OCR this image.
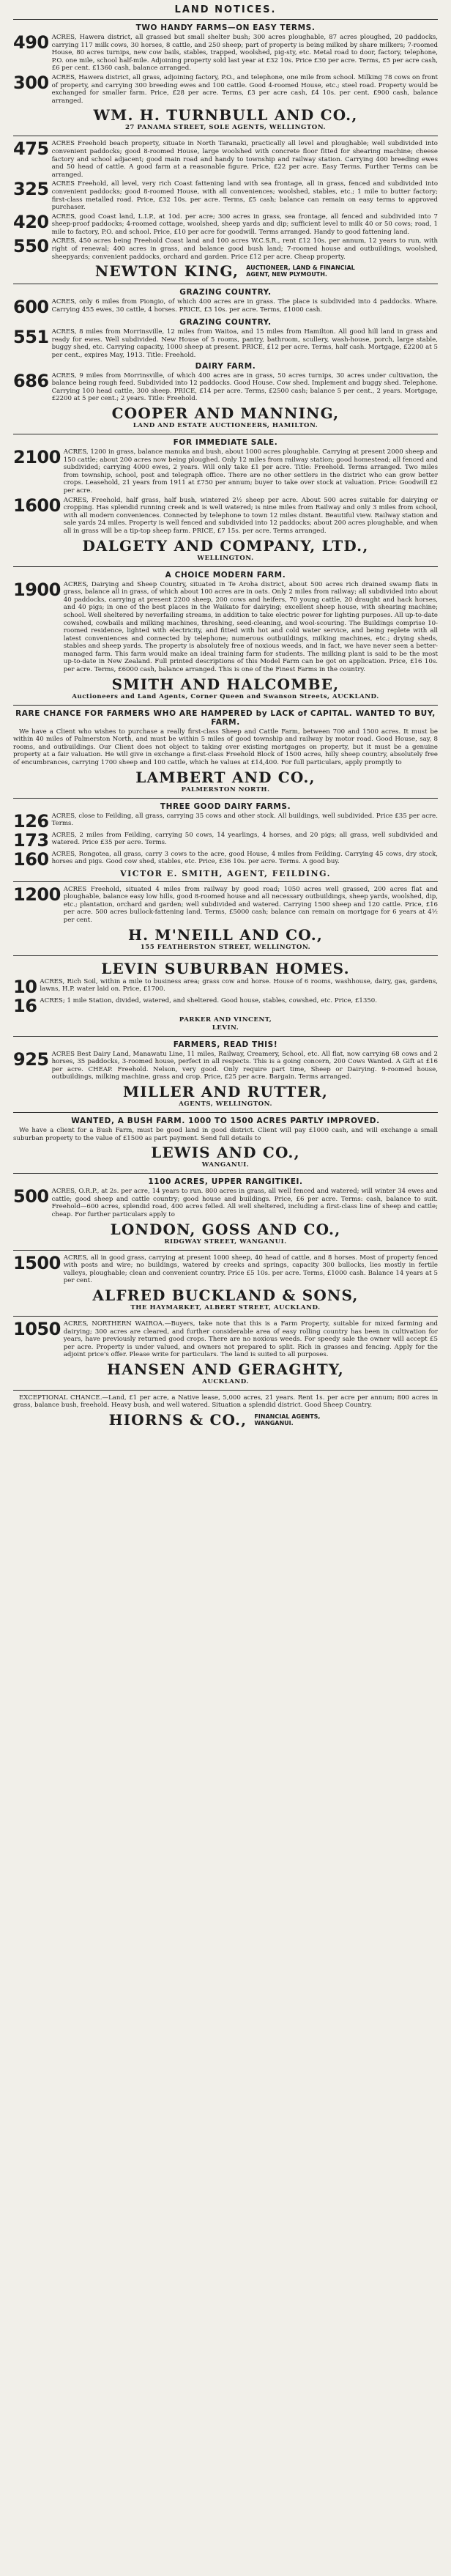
LAND NOTICES.
TWO HANDY FARMS—ON EASY TERMS.
490 ACRES, Hawera district, all grassed but small shelter bush; 300 acres ploughable, 87 acres ploughed, 20 paddocks, carrying 117 milk cows, 30 horses, 8 cattle, and 250 sheep; part of property is being milked by share milkers; 7-roomed House, 80 acres turnips, new cow bails, stables, trapped, woolshed, pig-sty, etc. Metal road to door, factory, telephone, P.O. one mile, school half-mile. Adjoining property sold last year at £32 10s. Price £30 per acre. Terms, £5 per acre cash, £6 per cent. £1360 cash, balance arranged.
300 ACRES, Hawera district, all grass, adjoining factory, P.O., and telephone, one mile from school. Milking 78 cows on front of property, and carrying 300 breeding ewes and 100 cattle. Good 4-roomed House, etc.; steel road. Property would be exchanged for smaller farm. Price, £28 per acre. Terms, £3 per acre cash, £4 10s. per cent. £900 cash, balance arranged.
WM. H. TURNBULL AND CO.,
27 PANAMA STREET, SOLE AGENTS, WELLINGTON.
475 ACRES Freehold beach property, situate in North Taranaki, practically all level and ploughable; well subdivided into convenient paddocks; good 8-roomed House, large woolshed with concrete floor fitted for shearing machine; cheese factory and school adjacent; good main road and handy to township and railway station. Carrying 400 breeding ewes and 50 head of cattle. A good farm at a reasonable figure. Price, £22 per acre. Easy Terms. Further Terms can be arranged.
325 ACRES Freehold, all level, very rich Coast fattening land with sea frontage, all in grass, fenced and subdivided into convenient paddocks; good 8-roomed House, with all conveniences; woolshed, stables, etc.; 1 mile to butter factory; first-class metalled road. Price, £32 10s. per acre. Terms, £5 cash; balance can remain on easy terms to approved purchaser.
420 ACRES, good Coast land, L.I.P., at 10d. per acre; 300 acres in grass, sea frontage, all fenced and subdivided into 7 sheep-proof paddocks; 4-roomed cottage, woolshed, sheep yards and dip; sufficient level to milk 40 or 50 cows; road, 1 mile to factory, P.O. and school. Price, £10 per acre for goodwill. Terms arranged. Handy to good fattening land.
550 ACRES, 450 acres being Freehold Coast land and 100 acres W.C.S.R., rent £12 10s. per annum, 12 years to run, with right of renewal; 400 acres in grass, and balance good bush land; 7-roomed house and outbuildings, woolshed, sheepyards; convenient paddocks, orchard and garden. Price £12 per acre. Cheap property.
NEWTON KING, AUCTIONEER, LAND & FINANCIAL AGENT, NEW PLYMOUTH.
GRAZING COUNTRY.
600 ACRES, only 6 miles from Piongio, of which 400 acres are in grass. The place is subdivided into 4 paddocks. Whare. Carrying 455 ewes, 30 cattle, 4 horses. PRICE, £3 10s. per acre. Terms, £1000 cash.
GRAZING COUNTRY.
551 ACRES, 8 miles from Morrinsville, 12 miles from Waitoa, and 15 miles from Hamilton. All good hill land in grass and ready for ewes. Well subdivided. New House of 5 rooms, pantry, bathroom, scullery, wash-house, porch, large stable, buggy shed, etc. Carrying capacity, 1000 sheep at present. PRICE, £12 per acre. Terms, half cash. Mortgage, £2200 at 5 per cent., expires May, 1913. Title: Freehold.
DAIRY FARM.
686 ACRES, 9 miles from Morrinsville, of which 400 acres are in grass, 50 acres turnips, 30 acres under cultivation, the balance being rough feed. Subdivided into 12 paddocks. Good House. Cow shed. Implement and buggy shed. Telephone. Carrying 100 head cattle, 300 sheep. PRICE, £14 per acre. Terms, £2500 cash; balance 5 per cent., 2 years. Mortgage, £2200 at 5 per cent.; 2 years. Title: Freehold.
COOPER AND MANNING,
LAND AND ESTATE AUCTIONEERS, HAMILTON.
FOR IMMEDIATE SALE.
2100 ACRES, 1200 in grass, balance manuka and bush, about 1000 acres ploughable. Carrying at present 2000 sheep and 150 cattle; about 200 acres now being ploughed. Only 12 miles from railway station; good homestead; all fenced and subdivided; carrying 4000 ewes, 2 years. Will only take £1 per acre. Title: Freehold. Terms arranged. Two miles from township, school, post and telegraph office. There are no other settlers in the district who can grow better crops. Leasehold, 21 years from 1911 at £750 per annum; buyer to take over stock at valuation. Price: Goodwill £2 per acre.
1600 ACRES, Freehold, half grass, half bush, wintered 2½ sheep per acre. About 500 acres suitable for dairying or cropping. Has splendid running creek and is well watered; is nine miles from Railway and only 3 miles from school, with all modern conveniences. Connected by telephone to town 12 miles distant. Beautiful view. Railway station and sale yards 24 miles. Property is well fenced and subdivided into 12 paddocks; about 200 acres ploughable, and when all in grass will be a tip-top sheep farm. PRICE, £7 15s. per acre. Terms arranged.
DALGETY AND COMPANY, LTD.,
WELLINGTON.
A CHOICE MODERN FARM.
1900 ACRES, Dairying and Sheep Country, situated in Te Aroha district, about 500 acres rich drained swamp flats in grass, balance all in grass, of which about 100 acres are in oats. Only 2 miles from railway; all subdivided into about 40 paddocks, carrying at present 2200 sheep, 200 cows and heifers, 70 young cattle, 20 draught and hack horses, and 40 pigs; in one of the best places in the Waikato for dairying; excellent sheep house, with shearing machine; school. Well sheltered by neverfailing streams, in addition to take electric power for lighting purposes. All up-to-date cowshed, cowbails and milking machines, threshing, seed-cleaning, and wool-scouring. The Buildings comprise 10-roomed residence, lighted with electricity, and fitted with hot and cold water service, and being replete with all latest conveniences and connected by telephone; numerous outbuildings, milking machines, etc.; drying sheds, stables and sheep yards. The property is absolutely free of noxious weeds, and in fact, we have never seen a better-managed farm. This farm would make an ideal training farm for students. The milking plant is said to be the most up-to-date in New Zealand. Full printed descriptions of this Model Farm can be got on application. Price, £16 10s. per acre. Terms, £6000 cash, balance arranged. This is one of the Finest Farms in the country.
SMITH AND HALCOMBE,
Auctioneers and Land Agents, Corner Queen and Swanson Streets, AUCKLAND.
RARE CHANCE FOR FARMERS WHO ARE HAMPERED by LACK of CAPITAL. WANTED TO BUY, FARM.
We have a Client who wishes to purchase a really first-class Sheep and Cattle Farm, between 700 and 1500 acres. It must be within 40 miles of Palmerston North, and must be within 5 miles of good township and railway by motor road. Good House, say, 8 rooms, and outbuildings. Our Client does not object to taking over existing mortgages on property, but it must be a genuine property at a fair valuation. He will give in exchange a first-class Freehold Block of 1500 acres, hilly sheep country, absolutely free of encumbrances, carrying 1700 sheep and 100 cattle, which he values at £14,400. For full particulars, apply promptly to
LAMBERT AND CO.,
PALMERSTON NORTH.
THREE GOOD DAIRY FARMS.
126 ACRES, close to Feilding, all grass, carrying 35 cows and other stock. All buildings, well subdivided. Price £35 per acre. Terms.
173 ACRES, 2 miles from Feilding, carrying 50 cows, 14 yearlings, 4 horses, and 20 pigs; all grass, well subdivided and watered. Price £35 per acre. Terms.
160 ACRES, Rongotea, all grass, carry 3 cows to the acre, good House, 4 miles from Feilding. Carrying 45 cows, dry stock, horses and pigs. Good cow shed, stables, etc. Price, £36 10s. per acre. Terms. A good buy.
VICTOR E. SMITH, AGENT, FEILDING.
1200 ACRES Freehold, situated 4 miles from railway by good road; 1050 acres well grassed, 200 acres flat and ploughable, balance easy low hills, good 8-roomed house and all necessary outbuildings, sheep yards, woolshed, dip, etc.; plantation, orchard and garden; well subdivided and watered. Carrying 1500 sheep and 120 cattle. Price, £16 per acre. 500 acres bullock-fattening land. Terms, £5000 cash; balance can remain on mortgage for 6 years at 4½ per cent.
H. M'NEILL AND CO.,
155 FEATHERSTON STREET, WELLINGTON.
LEVIN SUBURBAN HOMES.
10 ACRES, Rich Soil, within a mile to business area; grass cow and horse. House of 6 rooms, washhouse, dairy, gas, gardens, lawns, H.P. water laid on. Price, £1700.
16 ACRES; 1 mile Station, divided, watered, and sheltered. Good house, stables, cowshed, etc. Price, £1350.
PARKER AND VINCENT,
LEVIN.
FARMERS, READ THIS!
925 ACRES Best Dairy Land, Manawatu Line, 11 miles, Railway, Creamery, School, etc. All flat, now carrying 68 cows and 2 horses, 35 paddocks, 3-roomed house, perfect in all respects. This is a going concern, 200 Cows Wanted. A Gift at £16 per acre. CHEAP. Freehold. Nelson, very good. Only require part time, Sheep or Dairying. 9-roomed house, outbuildings, milking machine, grass and crop. Price, £25 per acre. Bargain. Terms arranged.
MILLER AND RUTTER,
AGENTS, WELLINGTON.
WANTED, A BUSH FARM. 1000 TO 1500 ACRES PARTLY IMPROVED.
We have a client for a Bush Farm, must be good land in good district. Client will pay £1000 cash, and will exchange a small suburban property to the value of £1500 as part payment. Send full details to
LEWIS AND CO.,
WANGANUI.
1100 ACRES, UPPER RANGITIKEI.
500 ACRES, O.R.P., at 2s. per acre, 14 years to run. 800 acres in grass, all well fenced and watered; will winter 34 ewes and cattle; good sheep and cattle country; good house and buildings. Price, £6 per acre. Terms: cash, balance to suit. Freehold—600 acres, splendid road, 400 acres felled. All well sheltered, including a first-class line of sheep and cattle; cheap. For further particulars apply to
LONDON, GOSS AND CO.,
RIDGWAY STREET, WANGANUI.
1500 ACRES, all in good grass, carrying at present 1000 sheep, 40 head of cattle, and 8 horses. Most of property fenced with posts and wire; no buildings, watered by creeks and springs, capacity 300 bullocks, lies mostly in fertile valleys, ploughable; clean and convenient country. Price £5 10s. per acre. Terms, £1000 cash. Balance 14 years at 5 per cent.
ALFRED BUCKLAND & SONS,
THE HAYMARKET, ALBERT STREET, AUCKLAND.
1050 ACRES, NORTHERN WAIROA.—Buyers, take note that this is a Farm Property, suitable for mixed farming and dairying; 300 acres are cleared, and further considerable area of easy rolling country has been in cultivation for years, have previously returned good crops. There are no noxious weeds. For speedy sale the owner will accept £5 per acre. Property is under valued, and owners not prepared to split. Rich in grasses and fencing. Apply for the adjoint price's offer. Please write for particulars. The land is suited to all purposes.
HANSEN AND GERAGHTY,
AUCKLAND.
EXCEPTIONAL CHANCE.—Land, £1 per acre, a Native lease, 5,000 acres, 21 years. Rent 1s. per acre per annum; 800 acres in grass, balance bush, freehold. Heavy bush, and well watered. Situation a splendid district. Good Sheep Country.
HIORNS & CO., FINANCIAL AGENTS, WANGANUI.
